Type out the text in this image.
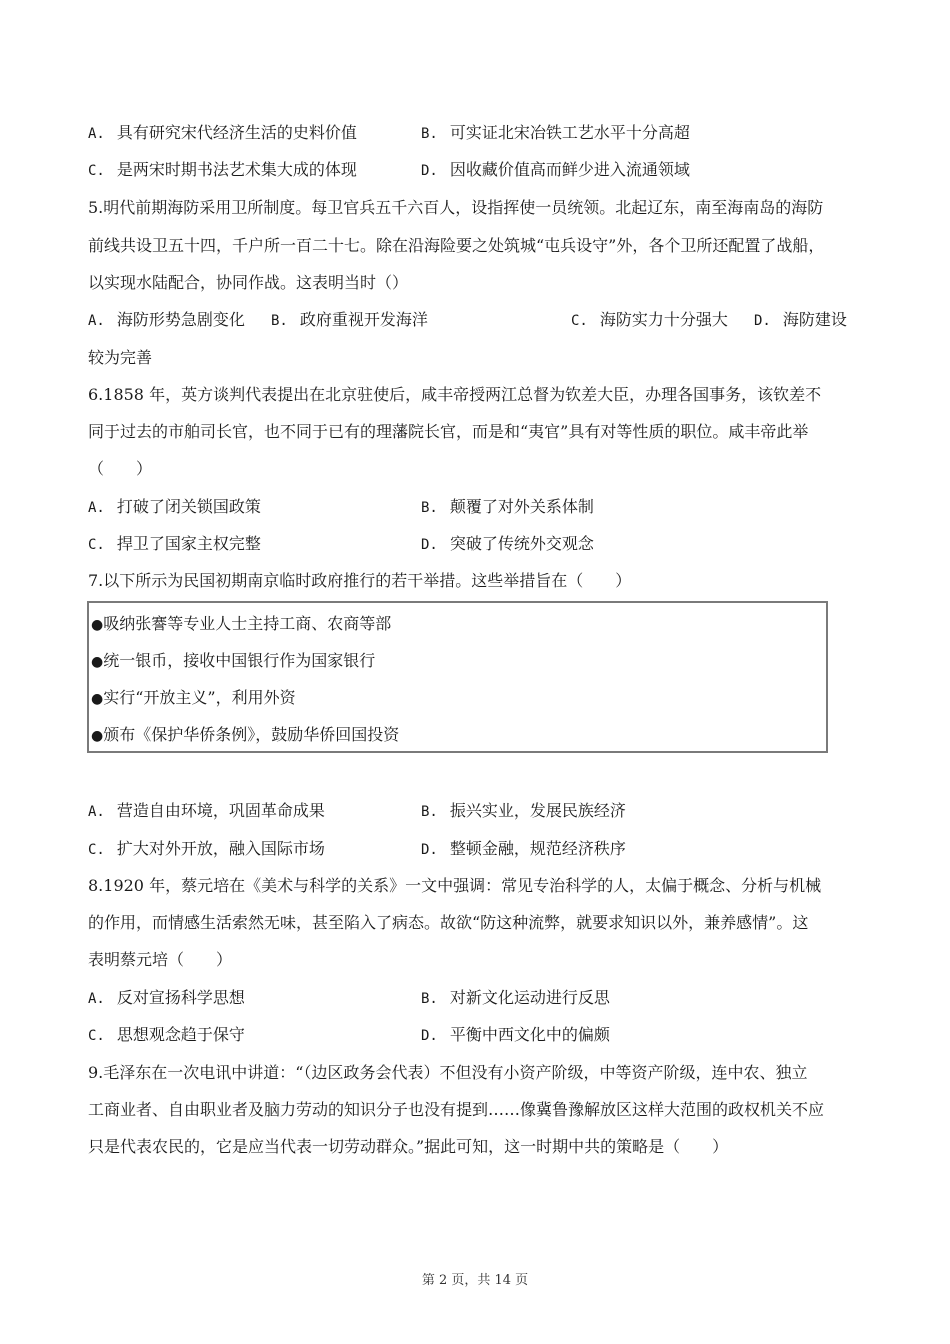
A. 具有研究宋代经济生活的史料价值	B. 可实证北宋冶铁工艺水平十分高超
C. 是两宋时期书法艺术集大成的体现	D. 因收藏价值高而鲜少进入流通领域
5.明代前期海防采用卫所制度。每卫官兵五千六百人，设指挥使一员统领。北起辽东，南至海南岛的海防
前线共设卫五十四，千户所一百二十七。除在沿海险要之处筑城“屯兵设守”外，各个卫所还配置了战船，
以实现水陆配合，协同作战。这表明当时（）
A. 海防形势急剧变化 B. 政府重视开发海洋	C. 海防实力十分强大 D. 海防建设
较为完善
6.1858 年，英方谈判代表提出在北京驻使后，咸丰帝授两江总督为钦差大臣，办理各国事务，该钦差不
同于过去的市舶司长官，也不同于已有的理藩院长官，而是和“夷官”具有对等性质的职位。咸丰帝此举
（　　）
A. 打破了闭关锁国政策	B. 颠覆了对外关系体制
C. 捍卫了国家主权完整	D. 突破了传统外交观念
7.以下所示为民国初期南京临时政府推行的若干举措。这些举措旨在（　　）
●吸纳张謇等专业人士主持工商、农商等部
●统一银币，接收中国银行作为国家银行
●实行“开放主义”，利用外资
●颁布《保护华侨条例》，鼓励华侨回国投资
A. 营造自由环境，巩固革命成果	B. 振兴实业，发展民族经济
C. 扩大对外开放，融入国际市场	D. 整顿金融，规范经济秩序
8.1920 年，蔡元培在《美术与科学的关系》一文中强调：常见专治科学的人，太偏于概念、分析与机械
的作用，而情感生活索然无味，甚至陷入了病态。故欲“防这种流弊，就要求知识以外，兼养感情”。这
表明蔡元培（　　）
A. 反对宣扬科学思想	B. 对新文化运动进行反思
C. 思想观念趋于保守	D. 平衡中西文化中的偏颇
9.毛泽东在一次电讯中讲道：“（边区政务会代表）不但没有小资产阶级，中等资产阶级，连中农、独立
工商业者、自由职业者及脑力劳动的知识分子也没有提到……像冀鲁豫解放区这样大范围的政权机关不应
只是代表农民的，它是应当代表一切劳动群众。”据此可知，这一时期中共的策略是（　　）
第 2 页，共 14 页
